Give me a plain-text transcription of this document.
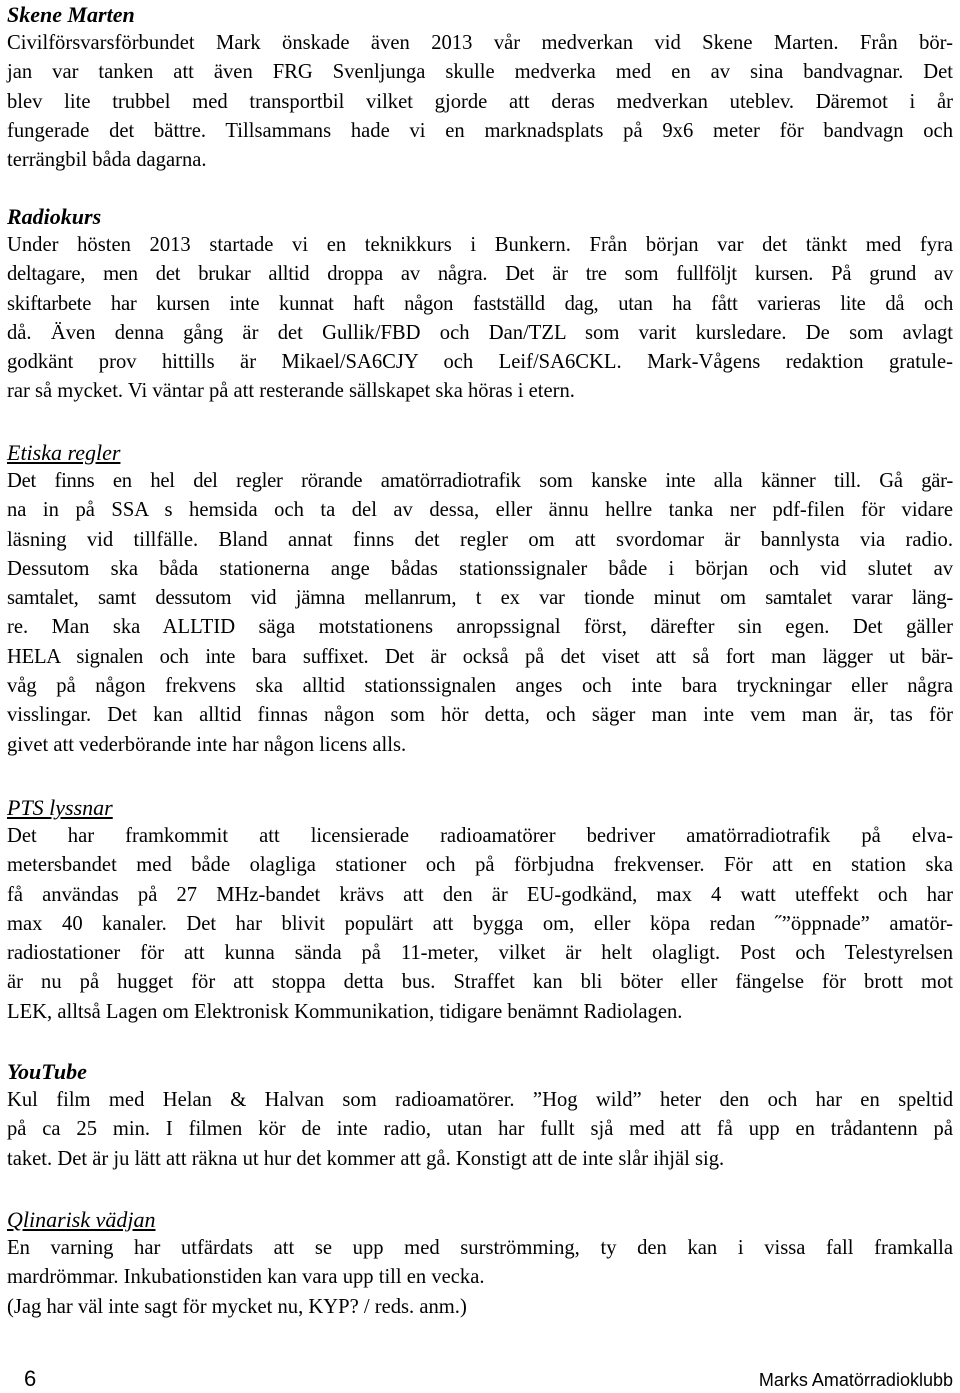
Skene Marten
Civilförsvarsförbundet Mark önskade även 2013 vår medverkan vid Skene Marten. Från bör-
jan var tanken att även FRG Svenljunga skulle medverka med en av sina bandvagnar. Det
blev lite trubbel med transportbil vilket gjorde att deras medverkan uteblev. Däremot i år
fungerade det bättre. Tillsammans hade vi en marknadsplats på 9x6 meter för bandvagn och
terrängbil båda dagarna.
Radiokurs
Under hösten 2013 startade vi en teknikkurs i Bunkern. Från början var det tänkt med fyra
deltagare, men det brukar alltid droppa av några. Det är tre som fullföljt kursen. På grund av
skiftarbete har kursen inte kunnat haft någon fastställd dag, utan ha fått varieras lite då och
då. Även denna gång är det Gullik/FBD och Dan/TZL som varit kursledare. De som avlagt
godkänt prov hittills är Mikael/SA6CJY och Leif/SA6CKL. Mark-Vågens redaktion gratule-
rar så mycket. Vi väntar på att resterande sällskapet ska höras i etern.
Etiska regler
Det finns en hel del regler rörande amatörradiotrafik som kanske inte alla känner till. Gå gär-
na in på SSA s hemsida och ta del av dessa, eller ännu hellre tanka ner pdf-filen för vidare
läsning vid tillfälle. Bland annat finns det regler om att svordomar är bannlysta via radio.
Dessutom ska båda stationerna ange bådas stationssignaler både i början och vid slutet av
samtalet, samt dessutom vid jämna mellanrum, t ex var tionde minut om samtalet varar läng-
re. Man ska ALLTID säga motstationens anropssignal först, därefter sin egen. Det gäller
HELA signalen och inte bara suffixet. Det är också på det viset att så fort man lägger ut bär-
våg på någon frekvens ska alltid stationssignalen anges och inte bara tryckningar eller några
visslingar. Det kan alltid finnas någon som hör detta, och säger man inte vem man är, tas för
givet att vederbörande inte har någon licens alls.
PTS lyssnar
Det har framkommit att licensierade radioamatörer bedriver amatörradiotrafik på elva-
metersbandet med både olagliga stationer och på förbjudna frekvenser. För att en station ska
få användas på 27 MHz-bandet krävs att den är EU-godkänd, max 4 watt uteffekt och har
max 40 kanaler. Det har blivit populärt att bygga om, eller köpa redan ˝”öppnade” amatör-
radiostationer för att kunna sända på 11-meter, vilket är helt olagligt. Post och Telestyrelsen
är nu på hugget för att stoppa detta bus. Straffet kan bli böter eller fängelse för brott mot
LEK, alltså Lagen om Elektronisk Kommunikation, tidigare benämnt Radiolagen.
YouTube
Kul film med Helan & Halvan som radioamatörer. ”Hog wild” heter den och har en speltid
på ca 25 min. I filmen kör de inte radio, utan har fullt sjå med att få upp en trådantenn på
taket. Det är ju lätt att räkna ut hur det kommer att gå. Konstigt att de inte slår ihjäl sig.
Qlinarisk vädjan
En varning har utfärdats att se upp med surströmming, ty den kan i vissa fall framkalla
mardrömmar. Inkubationstiden kan vara upp till en vecka.
(Jag har väl inte sagt för mycket nu, KYP? / reds. anm.)
6	Marks Amatörradioklubb
